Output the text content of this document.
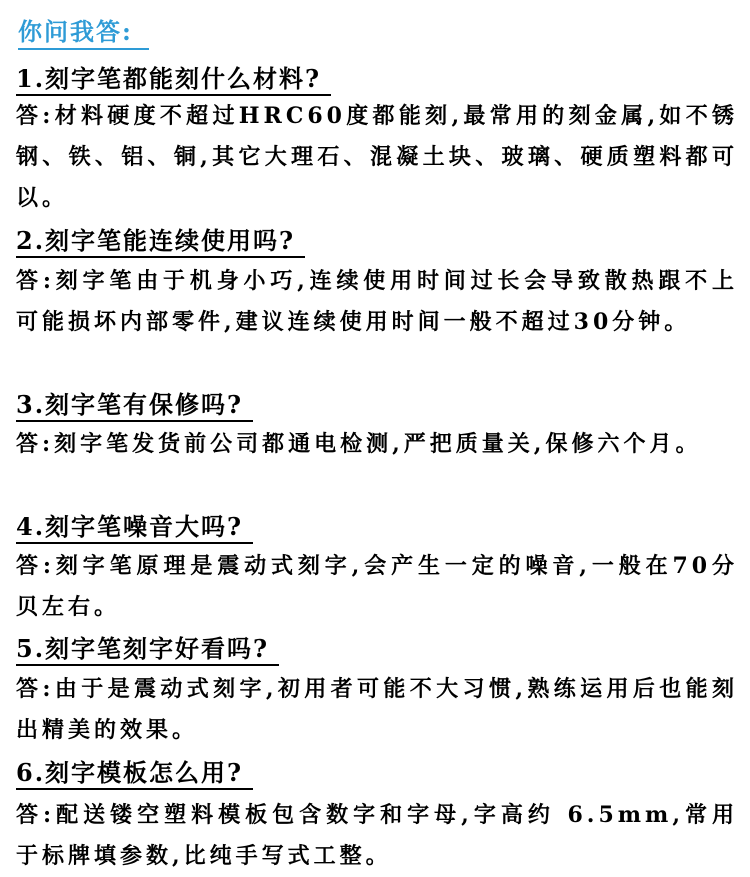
你问我答:
1.刻字笔都能刻什么材料?
答:材料硬度不超过HRC60度都能刻,最常用的刻金属,如不锈钢、铁、铝、铜,其它大理石、混凝土块、玻璃、硬质塑料都可以。
2.刻字笔能连续使用吗?
答:刻字笔由于机身小巧,连续使用时间过长会导致散热跟不上可能损坏内部零件,建议连续使用时间一般不超过30分钟。
3.刻字笔有保修吗?
答:刻字笔发货前公司都通电检测,严把质量关,保修六个月。
4.刻字笔噪音大吗?
答:刻字笔原理是震动式刻字,会产生一定的噪音,一般在70分贝左右。
5.刻字笔刻字好看吗?
答:由于是震动式刻字,初用者可能不大习惯,熟练运用后也能刻出精美的效果。
6.刻字模板怎么用?
答:配送镂空塑料模板包含数字和字母,字高约 6.5mm,常用于标牌填参数,比纯手写式工整。
